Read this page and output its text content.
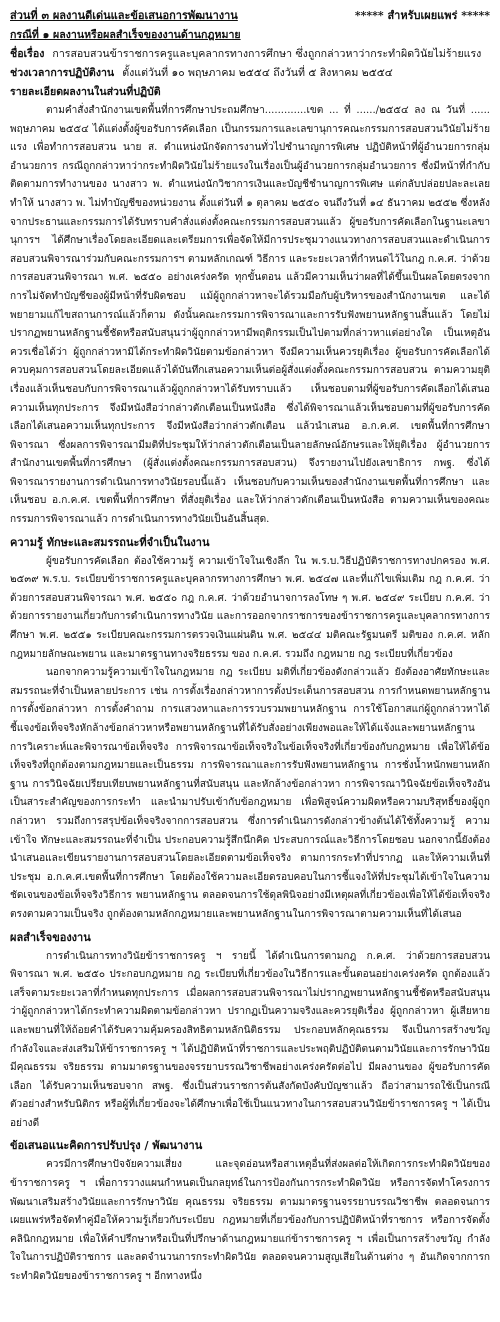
ส่วนที่ ๓ ผลงานดีเด่นและข้อเสนอการพัฒนางาน	***** สำหรับเผยแพร่ *****
กรณีที่ ๑ ผลงานหรือผลสำเร็จของงานด้านกฎหมาย
ชื่อเรื่อง การสอบสวนข้าราชการครูและบุคลากรทางการศึกษา ซึ่งถูกกล่าวหาว่ากระทำผิดวินัยไม่ร้ายแรง
ช่วงเวลาการปฏิบัติงาน ตั้งแต่วันที่ ๑๐ พฤษภาคม ๒๕๕๔ ถึงวันที่ ๕ สิงหาคม ๒๕๕๔
รายละเอียดผลงานในส่วนที่ปฏิบัติ

ตามคำสั่งสำนักงานเขตพื้นที่การศึกษาประถมศึกษา.............เขต ... ที่ ....../๒๕๕๔ ลง ณ วันที่ ...... พฤษภาคม ๒๕๕๔ ได้แต่งตั้งผู้ขอรับการคัดเลือก เป็นกรรมการและเลขานุการคณะกรรมการสอบสวนวินัยไม่ร้ายแรง เพื่อทำการสอบสวน นาย ส. ตำแหน่งนักจัดการงานทั่วไปชำนาญการพิเศษ ปฏิบัติหน้าที่ผู้อำนวยการกลุ่มอำนวยการ กรณีถูกกล่าวหาว่ากระทำผิดวินัยไม่ร้ายแรงในเรื่องเป็นผู้อำนวยการกลุ่มอำนวยการ ซึ่งมีหน้าที่กำกับ ติดตามการทำงานของ นางสาว พ. ตำแหน่งนักวิชาการเงินและบัญชีชำนาญการพิเศษ แต่กลับปล่อยปละละเลยทำให้ นางสาว พ. ไม่ทำบัญชีของหน่วยงาน ตั้งแต่วันที่ ๑ ตุลาคม ๒๕๕๐ จนถึงวันที่ ๑๔ ธันวาคม ๒๕๕๒ ซึ่งหลังจากประธานและกรรมการได้รับทราบคำสั่งแต่งตั้งคณะกรรมการสอบสวนแล้ว ผู้ขอรับการคัดเลือกในฐานะเลขานุการฯ ได้ศึกษาเรื่องโดยละเอียดและเตรียมการเพื่อจัดให้มีการประชุมวางแนวทางการสอบสวนและดำเนินการสอบสวนพิจารณาร่วมกับคณะกรรมการฯ ตามหลักเกณฑ์ วิธีการ และระยะเวลาที่กำหนดไว้ในกฎ ก.ค.ศ. ว่าด้วยการสอบสวนพิจารณา พ.ศ. ๒๕๕๐ อย่างเคร่งครัด ทุกขั้นตอน แล้วมีความเห็นว่าผลที่ได้ขึ้นเป็นผลโดยตรงจากการไม่จัดทำบัญชีของผู้มีหน้าที่รับผิดชอบ แม้ผู้ถูกกล่าวหาจะได้รวมมือกับผู้บริหารของสำนักงานเขต และได้พยายามแก้ไขสถานการณ์แล้วก็ตาม ดังนั้นคณะกรรมการพิจารณาและการรับฟังพยานหลักฐานสิ้นแล้ว โดยไม่ปรากฏพยานหลักฐานชี้ชัดหรือสนับสนุนว่าผู้ถูกกล่าวหามีพฤติกรรมเป็นไปตามที่กล่าวหาแต่อย่างใด เป็นเหตุอันควรเชื่อได้ว่า ผู้ถูกกล่าวหามิได้กระทำผิดวินัยตามข้อกล่าวหา จึงมีความเห็นควรยุติเรื่อง ผู้ขอรับการคัดเลือกได้ควบคุมการสอบสวนโดยละเอียดแล้วได้บันทึกเสนอความเห็นต่อผู้สั่งแต่งตั้งคณะกรรมการสอบสวน ตามความยุติเรื่องแล้วเห็นชอบกับการพิจารณาแล้วผู้ถูกกล่าวหาได้รับทราบแล้ว เห็นชอบตามที่ผู้ขอรับการคัดเลือกได้เสนอความเห็นทุกประการ จึงมีหนังสือว่ากล่าวตักเตือนเป็นหนังสือ ซึ่งได้พิจารณาแล้วเห็นชอบตามที่ผู้ขอรับการคัดเลือกได้เสนอความเห็นทุกประการ จึงมีหนังสือว่ากล่าวตักเตือน แล้วนำเสนอ อ.ก.ค.ศ. เขตพื้นที่การศึกษา พิจารณา ซึ่งผลการพิจารณามีมติที่ประชุมให้ว่ากล่าวตักเตือนเป็นลายลักษณ์อักษรและให้ยุติเรื่อง ผู้อำนวยการสำนักงานเขตพื้นที่การศึกษา (ผู้สั่งแต่งตั้งคณะกรรมการสอบสวน) จึงรายงานไปยังเลขาธิการ กพฐ. ซึ่งได้พิจารณารายงานการดำเนินการทางวินัยรอบนี้แล้ว เห็นชอบกับความเห็นของสำนักงานเขตพื้นที่การศึกษา และเห็นชอบ อ.ก.ค.ศ. เขตพื้นที่การศึกษา ที่สั่งยุติเรื่อง และให้ว่ากล่าวตักเตือนเป็นหนังสือ ตามความเห็นของคณะกรรมการพิจารณาแล้ว การดำเนินการทางวินัยเป็นอันสิ้นสุด.

ความรู้ ทักษะและสมรรถนะที่จำเป็นในงาน

ผู้ขอรับการคัดเลือก ต้องใช้ความรู้ ความเข้าใจในเชิงลึก ใน พ.ร.บ.วิธีปฏิบัติราชการทางปกครอง พ.ศ. ๒๕๓๙ พ.ร.บ. ระเบียบข้าราชการครูและบุคลากรทางการศึกษา พ.ศ. ๒๕๔๗ และที่แก้ไขเพิ่มเติม กฎ ก.ค.ศ. ว่าด้วยการสอบสวนพิจารณา พ.ศ. ๒๕๕๐ กฎ ก.ค.ศ. ว่าด้วยอำนาจการลงโทษ ๆ พ.ศ. ๒๕๔๙ ระเบียบ ก.ค.ศ. ว่าด้วยการรายงานเกี่ยวกับการดำเนินการทางวินัย และการออกจากราชการของข้าราชการครูและบุคลากรทางการศึกษา พ.ศ. ๒๕๕๑ ระเบียบคณะกรรมการตรวจเงินแผ่นดิน พ.ศ. ๒๕๔๔ มติคณะรัฐมนตรี มติของ ก.ค.ศ. หลักกฎหมายลักษณะพยาน และมาตรฐานทางจริยธรรม ของ ก.ค.ศ. รวมถึง กฎหมาย กฎ ระเบียบที่เกี่ยวข้อง

นอกจากความรู้ความเข้าใจในกฎหมาย กฎ ระเบียบ มติที่เกี่ยวข้องดังกล่าวแล้ว ยังต้องอาศัยทักษะและสมรรถนะที่จำเป็นหลายประการ เช่น การตั้งเรื่องกล่าวหาการตั้งประเด็นการสอบสวน การกำหนดพยานหลักฐาน การตั้งข้อกล่าวหา การตั้งคำถาม การแสวงหาและการรวบรวมพยานหลักฐาน การใช้โอกาสแก่ผู้ถูกกล่าวหาได้ชี้แจงข้อเท็จจริงหักล้างข้อกล่าวหาหรือพยานหลักฐานที่ได้รับสั่งอย่างเพียงพอและให้ได้แจ้งและพยานหลักฐาน การวิเคราะห์และพิจารณาข้อเท็จจริง การพิจารณาข้อเท็จจริงในข้อเท็จจริงที่เกี่ยวข้องกับกฎหมาย เพื่อให้ได้ข้อเท็จจริงที่ถูกต้องตามกฎหมายและเป็นธรรม การพิจารณาและการรับฟังพยานหลักฐาน การชั่งน้ำหนักพยานหลักฐาน การวินิจฉัยเปรียบเทียบพยานหลักฐานที่สนับสนุน และหักล้างข้อกล่าวหา การพิจารณาวินิจฉัยข้อเท็จจริงอันเป็นสาระสำคัญของการกระทำ และนำมาปรับเข้ากับข้อกฎหมาย เพื่อพิสูจน์ความผิดหรือความบริสุทธิ์ของผู้ถูกกล่าวหา รวมถึงการสรุปข้อเท็จจริงจากการสอบสวน ซึ่งการดำเนินการดังกล่าวข้างต้นได้ใช้ทั้งความรู้ ความเข้าใจ ทักษะและสมรรถนะที่จำเป็น ประกอบความรู้สึกนึกคิด ประสบการณ์และวิธีการโดยชอบ นอกจากนี้ยังต้องนำเสนอและเขียนรายงานการสอบสวนโดยละเอียดตามข้อเท็จจริง ตามการกระทำที่ปรากฏ และให้ความเห็นที่ประชุม อ.ก.ค.ศ.เขตพื้นที่การศึกษา โดยต้องใช้ความละเอียดรอบคอบในการชี้แจงให้ที่ประชุมได้เข้าใจในความชัดเจนของข้อเท็จจริงวิธีการ พยานหลักฐาน ตลอดจนการใช้ดุลพินิจอย่างมีเหตุผลที่เกี่ยวข้องเพื่อให้ได้ข้อเท็จจริงตรงตามความเป็นจริง ถูกต้องตามหลักกฎหมายและพยานหลักฐานในการพิจารณาตามความเห็นที่ได้เสนอ

ผลสำเร็จของงาน

การดำเนินการทางวินัยข้าราชการครู ฯ รายนี้ ได้ดำเนินการตามกฎ ก.ค.ศ. ว่าด้วยการสอบสวนพิจารณา พ.ศ. ๒๕๕๐ ประกอบกฎหมาย กฎ ระเบียบที่เกี่ยวข้องในวิธีการและขั้นตอนอย่างเคร่งครัด ถูกต้องแล้วเสร็จตามระยะเวลาที่กำหนดทุกประการ เมื่อผลการสอบสวนพิจารณาไม่ปรากฏพยานหลักฐานชี้ชัดหรือสนับสนุนว่าผู้ถูกกล่าวหาได้กระทำความผิดตามข้อกล่าวหา ปรากฏเป็นความจริงและควรยุติเรื่อง ผู้ถูกกล่าวหา ผู้เสียหายและพยานที่ให้ถ้อยคำได้รับความคุ้มครองสิทธิตามหลักนิติธรรม ประกอบหลักคุณธรรม จึงเป็นการสร้างขวัญ กำลังใจและส่งเสริมให้ข้าราชการครู ฯ ได้ปฏิบัติหน้าที่ราชการและประพฤติปฏิบัติตนตามวินัยและการรักษาวินัย มีคุณธรรม จริยธรรม ตามมาตรฐานของจรรยาบรรณวิชาชีพอย่างเคร่งครัดต่อไป มีผลงานของ ผู้ขอรับการคัดเลือก ได้รับความเห็นชอบจาก สพฐ. ซึ่งเป็นส่วนราชการต้นสังกัดบังคับบัญชาแล้ว ถือว่าสามารถใช้เป็นกรณีตัวอย่างสำหรับนิติกร หรือผู้ที่เกี่ยวข้องจะได้ศึกษาเพื่อใช้เป็นแนวทางในการสอบสวนวินัยข้าราชการครู ฯ ได้เป็นอย่างดี

ข้อเสนอแนะคิดการปรับปรุง / พัฒนางาน

ควรมีการศึกษาปัจจัยความเสี่ยง และจุดอ่อนหรือสาเหตุอื่นที่ส่งผลต่อให้เกิดการกระทำผิดวินัยของข้าราชการครู ฯ เพื่อการวางแผนกำหนดเป็นกลยุทธ์ในการป้องกันการกระทำผิดวินัย หรือการจัดทำโครงการพัฒนาเสริมสร้างวินัยและการรักษาวินัย คุณธรรม จริยธรรม ตามมาตรฐานจรรยาบรรณวิชาชีพ ตลอดจนการเผยแพร่หรือจัดทำคู่มือให้ความรู้เกี่ยวกับระเบียบ กฎหมายที่เกี่ยวข้องกับการปฏิบัติหน้าที่ราชการ หรือการจัดตั้งคลินิกกฎหมาย เพื่อให้คำปรึกษาหรือเป็นที่ปรึกษาด้านกฎหมายแก่ข้าราชการครู ฯ เพื่อเป็นการสร้างขวัญ กำลังใจในการปฏิบัติราชการ และลดจำนวนการกระทำผิดวินัย ตลอดจนความสูญเสียในด้านต่าง ๆ อันเกิดจากการกระทำผิดวินัยของข้าราชการครู ฯ อีกทางหนึ่ง
